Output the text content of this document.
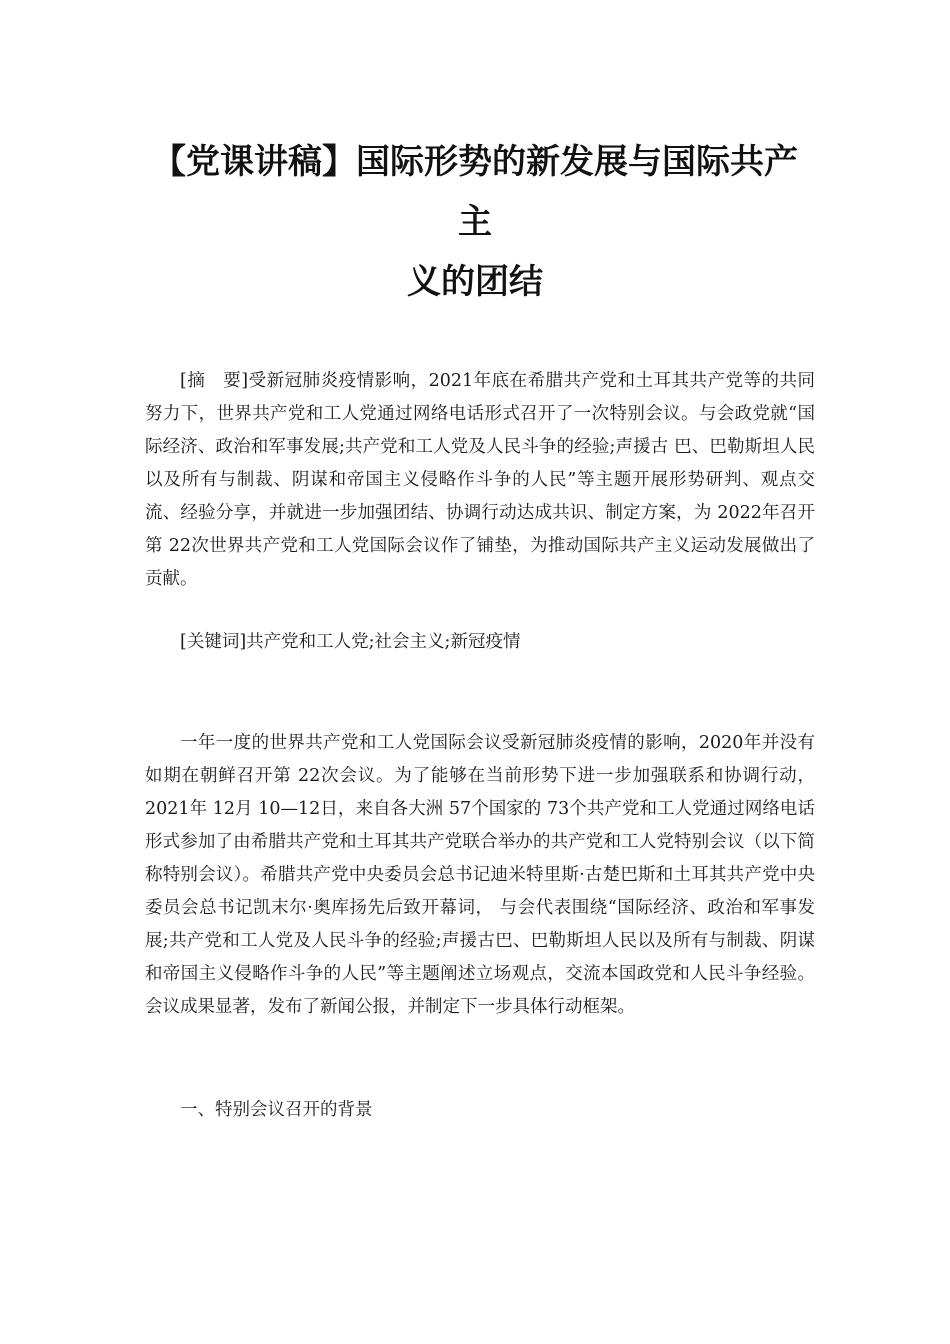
【党课讲稿】国际形势的新发展与国际共产
主
义的团结

[摘　要]受新冠肺炎疫情影响，2021年底在希腊共产党和土耳其共产党等的共同努力下，世界共产党和工人党通过网络电话形式召开了一次特别会议。与会政党就“国际经济、政治和军事发展;共产党和工人党及人民斗争的经验;声援古 巴、巴勒斯坦人民以及所有与制裁、阴谋和帝国主义侵略作斗争的人民”等主题开展形势研判、观点交流、经验分享，并就进一步加强团结、协调行动达成共识、制定方案，为 2022年召开第 22次世界共产党和工人党国际会议作了铺垫，为推动国际共产主义运动发展做出了贡献。

[关键词]共产党和工人党;社会主义;新冠疫情

一年一度的世界共产党和工人党国际会议受新冠肺炎疫情的影响，2020年并没有如期在朝鲜召开第 22次会议。为了能够在当前形势下进一步加强联系和协调行动，2021年 12月 10—12日，来自各大洲 57个国家的 73个共产党和工人党通过网络电话形式参加了由希腊共产党和土耳其共产党联合举办的共产党和工人党特别会议（以下简称特别会议）。希腊共产党中央委员会总书记迪米特里斯·古楚巴斯和土耳其共产党中央委员会总书记凯末尔·奥库扬先后致开幕词， 与会代表围绕“国际经济、政治和军事发展;共产党和工人党及人民斗争的经验;声援古巴、巴勒斯坦人民以及所有与制裁、阴谋和帝国主义侵略作斗争的人民”等主题阐述立场观点，交流本国政党和人民斗争经验。会议成果显著，发布了新闻公报，并制定下一步具体行动框架。

一、特别会议召开的背景
